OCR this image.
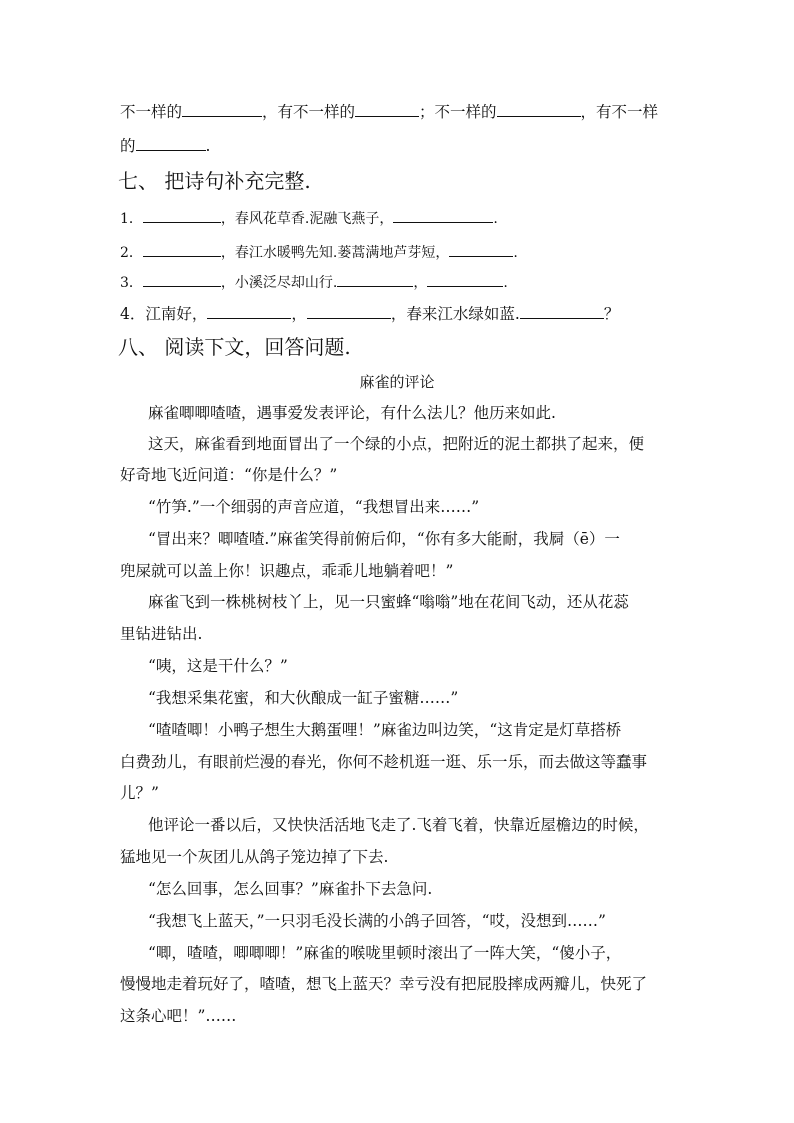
不一样的	，有不一样的	；不一样的	，有不一样
的	.
七、 把诗句补充完整.
1．	，春风花草香.泥融飞燕子，	.
2．	，春江水暖鸭先知.蒌蒿满地芦芽短，	.
3．	，小溪泛尽却山行.	，	.
4．江南好，	，	，春来江水绿如蓝.	？
八、 阅读下文，回答问题.
麻雀的评论
麻雀唧唧喳喳，遇事爱发表评论，有什么法儿？他历来如此.
这天，麻雀看到地面冒出了一个绿的小点，把附近的泥土都拱了起来，便
好奇地飞近问道：“你是什么？”
“竹笋.”一个细弱的声音应道，“我想冒出来……”
“冒出来？唧喳喳.”麻雀笑得前俯后仰，“你有多大能耐，我屙（ē）一
兜屎就可以盖上你！识趣点，乖乖儿地躺着吧！”
麻雀飞到一株桃树枝丫上，见一只蜜蜂“嗡嗡”地在花间飞动，还从花蕊
里钻进钻出.
“咦，这是干什么？”
“我想采集花蜜，和大伙酿成一缸子蜜糖……”
“喳喳唧！小鸭子想生大鹅蛋哩！”麻雀边叫边笑，“这肯定是灯草搭桥
白费劲儿，有眼前烂漫的春光，你何不趁机逛一逛、乐一乐，而去做这等蠢事
儿？”
他评论一番以后，又快快活活地飞走了.飞着飞着，快靠近屋檐边的时候，
猛地见一个灰团儿从鸽子笼边掉了下去.
“怎么回事，怎么回事？”麻雀扑下去急问.
“我想飞上蓝天，”一只羽毛没长满的小鸽子回答，“哎，没想到……”
“唧，喳喳，唧唧唧！”麻雀的喉咙里顿时滚出了一阵大笑，“傻小子，
慢慢地走着玩好了，喳喳，想飞上蓝天？幸亏没有把屁股摔成两瓣儿，快死了
这条心吧！”……
